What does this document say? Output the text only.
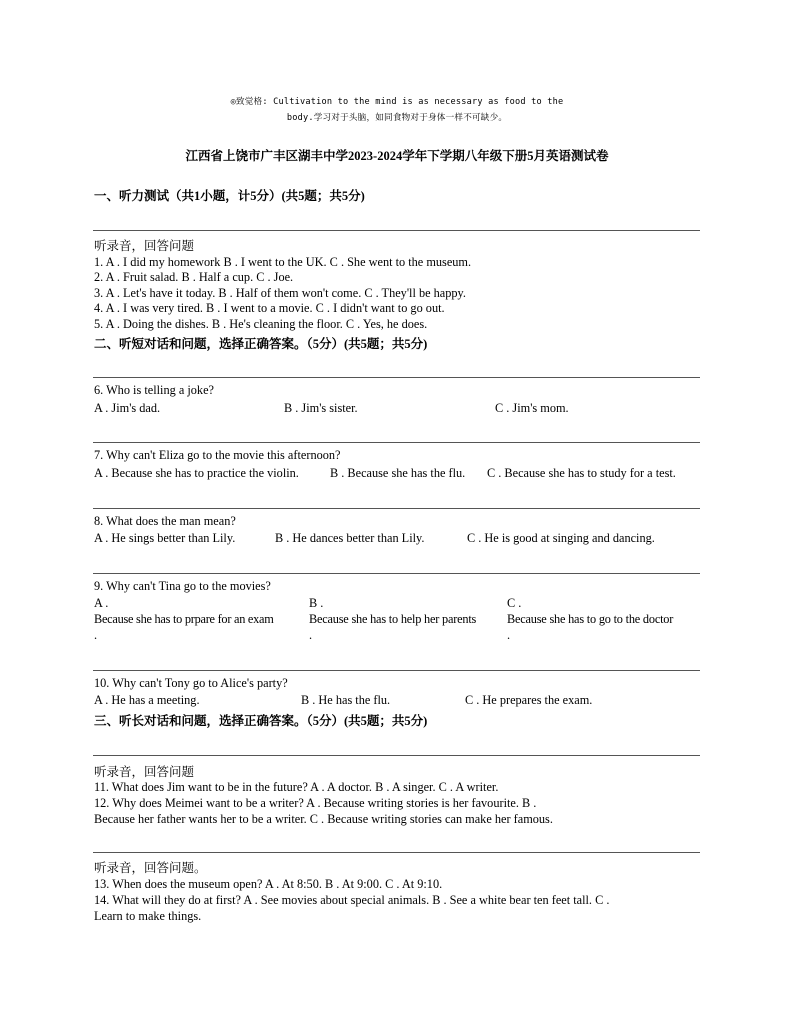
◎致觉格: Cultivation to the mind is as necessary as food to the
body.学习对于头脑，如同食物对于身体一样不可缺少。
江西省上饶市广丰区湖丰中学2023-2024学年下学期八年级下册5月英语测试卷
一、听力测试（共1小题，计5分）(共5题；共5分)
听录音，回答问题
1. A . I did my homework B . I went to the UK. C . She went to the museum.
2. A . Fruit salad. B . Half a cup. C . Joe.
3. A . Let's have it today. B . Half of them won't come. C . They'll be happy.
4. A . I was very tired. B . I went to a movie. C . I didn't want to go out.
5. A . Doing the dishes. B . He's cleaning the floor. C . Yes, he does.
二、听短对话和问题，选择正确答案。（5分）(共5题；共5分)
6. Who is telling a joke?
A . Jim's dad.	B . Jim's sister.	C . Jim's mom.
7. Why can't Eliza go to the movie this afternoon?
A . Because she has to practice the violin.	B . Because she has the flu. C . Because she has to study for a test.
8. What does the man mean?
A . He sings better than Lily.	B . He dances better than Lily.	C . He is good at singing and dancing.
9. Why can't Tina go to the movies?
A .	B .	C .
Because she has to prpare for an exam	Because she has to help her parents	Because she has to go to the doctor
.	.	.
10. Why can't Tony go to Alice's party?
A . He has a meeting.	B . He has the flu.	C . He prepares the exam.
三、听长对话和问题，选择正确答案。（5分）(共5题；共5分)
听录音，回答问题
11. What does Jim want to be in the future? A . A doctor. B . A singer. C . A writer.
12. Why does Meimei want to be a writer? A . Because writing stories is her favourite. B .
Because her father wants her to be a writer. C . Because writing stories can make her famous.
听录音，回答问题。
13. When does the museum open? A . At 8:50. B . At 9:00. C . At 9:10.
14. What will they do at first? A . See movies about special animals. B . See a white bear ten feet tall. C .
Learn to make things.
